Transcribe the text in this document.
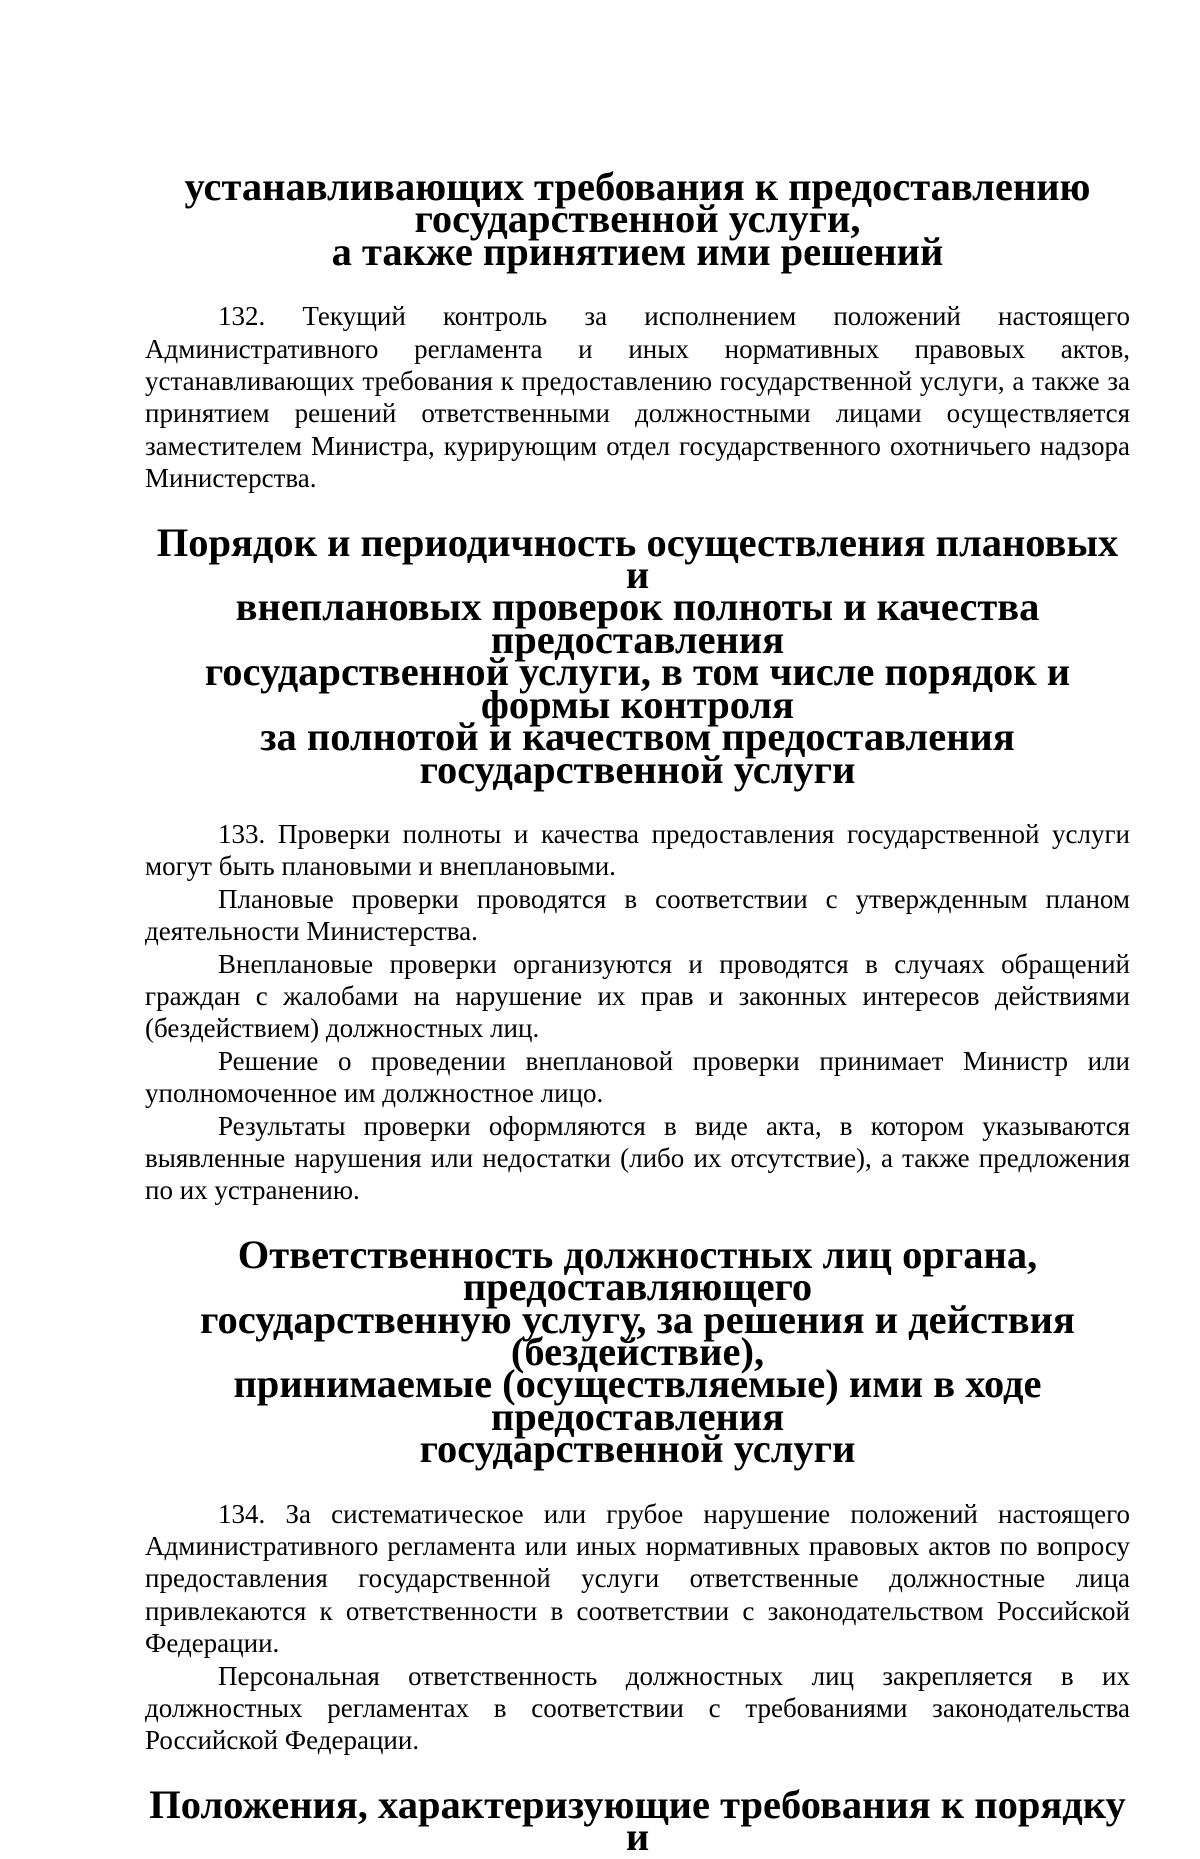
устанавливающих требования к предоставлению государственной услуги,
а также принятием ими решений

132. Текущий контроль за исполнением положений настоящего Административного регламента и иных нормативных правовых актов, устанавливающих требования к предоставлению государственной услуги, а также за принятием решений ответственными должностными лицами осуществляется заместителем Министра, курирующим отдел государственного охотничьего надзора Министерства.

Порядок и периодичность осуществления плановых и
внеплановых проверок полноты и качества предоставления
государственной услуги, в том числе порядок и формы контроля
за полнотой и качеством предоставления государственной услуги

133. Проверки полноты и качества предоставления государственной услуги могут быть плановыми и внеплановыми.

Плановые проверки проводятся в соответствии с утвержденным планом деятельности Министерства.

Внеплановые проверки организуются и проводятся в случаях обращений граждан с жалобами на нарушение их прав и законных интересов действиями (бездействием) должностных лиц.

Решение о проведении внеплановой проверки принимает Министр или уполномоченное им должностное лицо.

Результаты проверки оформляются в виде акта, в котором указываются выявленные нарушения или недостатки (либо их отсутствие), а также предложения по их устранению.

Ответственность должностных лиц органа, предоставляющего
государственную услугу, за решения и действия (бездействие),
принимаемые (осуществляемые) ими в ходе предоставления
государственной услуги

134. За систематическое или грубое нарушение положений настоящего Административного регламента или иных нормативных правовых актов по вопросу предоставления государственной услуги ответственные должностные лица привлекаются к ответственности в соответствии с законодательством Российской Федерации.

Персональная ответственность должностных лиц закрепляется в их должностных регламентах в соответствии с требованиями законодательства Российской Федерации.

Положения, характеризующие требования к порядку и
